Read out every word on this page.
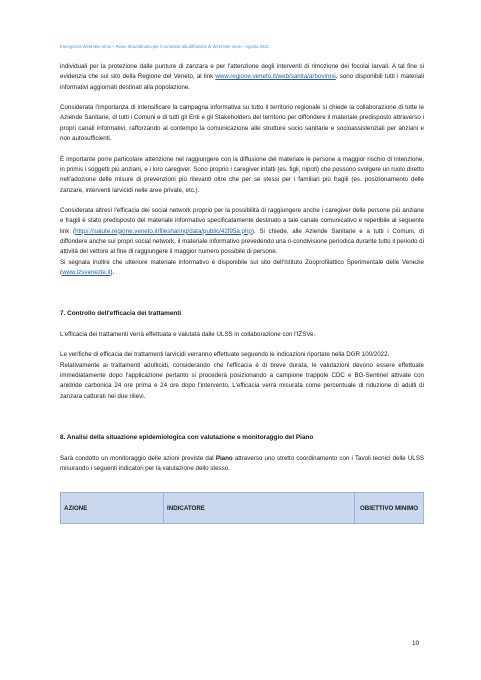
Emergenza West Nile Virus – Piano Straordinario per il contrasto alla diffusione di West Nile Virus – Agosto 2022

individuali per la protezione dalle punture di zanzara e per l'attenzione degli interventi di rimozione dei focolai larvali. A tal fine si evidenzia che sul sito della Regione del Veneto, al link www.regione.veneto.it/web/sanita/arbovirosi, sono disponibili tutti i materiali informativi aggiornati destinati alla popolazione.

Considerata l'importanza di intensificare la campagna informativa su tutto il territorio regionale si chiede la collaborazione di tutte le Aziende Sanitarie, di tutti i Comuni e di tutti gli Enti e gli Stakeholders del territorio per diffondere il materiale predisposto attraverso i propri canali informativi, rafforzando al contempo la comunicazione alle strutture socio sanitarie e socioassistenziali per anziani e non autosufficienti.

È importante porre particolare attenzione nel raggiungere con la diffusione del materiale le persone a maggior rischio di intenzione, in primis i soggetti più anziani, e i loro caregiver. Sono proprio i caregiver infatti (es. figli, nipoti) che possono svolgere un ruolo diretto nell'adozione delle misure di prevenzioni più rilevanti oltre che per se stessi per i familiari più fragili (es. posizionamento delle zanzare, interventi larvicidi nelle aree private, etc.).

Considerata altresì l'efficacia dei social network proprio per la possibilità di raggiungere anche i caregiver delle persone più anziane e fragili è stato predisposto del materiale informativo specificatamente destinato a tale canale comunicativo e reperibile al seguente link (https://salute.regione.veneto.it/filesharing/data/public/42f95a.php). Si chiede, alle Aziende Sanitarie e a tutti i Comuni, di diffondere anche sui propri social network, il materiale informativo prevedendo una ri-condivisione periodica durante tutto il periodo di attività del vettore al fine di raggiungere il maggior numero possibile di persone.

Si segnala inoltre che ulteriore materiale informativo è disponibile sul sito dell'Istituto Zooprofilattico Sperimentale delle Venezie (www.izsvenezie.it).

7. Controllo dell'efficacia dei trattamenti

L'efficacia dei trattamenti verrà effettuata e valutata dalle ULSS in collaborazione con l'IZSVe.

Le verifiche di efficacia dei trattamenti larvicidi verranno effettuate seguendo le indicazioni riportate nella DGR 100/2022.

Relativamente ai trattamenti adulticidi, considerando che l'efficacia è di breve durata, le valutazioni devono essere effettuate immediatamente dopo l'applicazione pertanto si procederà posizionando a campione trappole CDC e BG-Sentinel attivate con anidride carbonica 24 ore prima e 24 ore dopo l'intervento. L'efficacia verrà misurata come percentuale di riduzione di adulti di zanzara catturati nei due rilievi.

8. Analisi della situazione epidemiologica con valutazione e monitoraggio del Piano

Sarà condotto un monitoraggio delle azioni previste dal Piano attraverso uno stretto coordinamento con i Tavoli tecnici delle ULSS misurando i seguenti indicatori per la valutazione dello stesso.

AZIONE	INDICATORE	OBIETTIVO MINIMO
10
